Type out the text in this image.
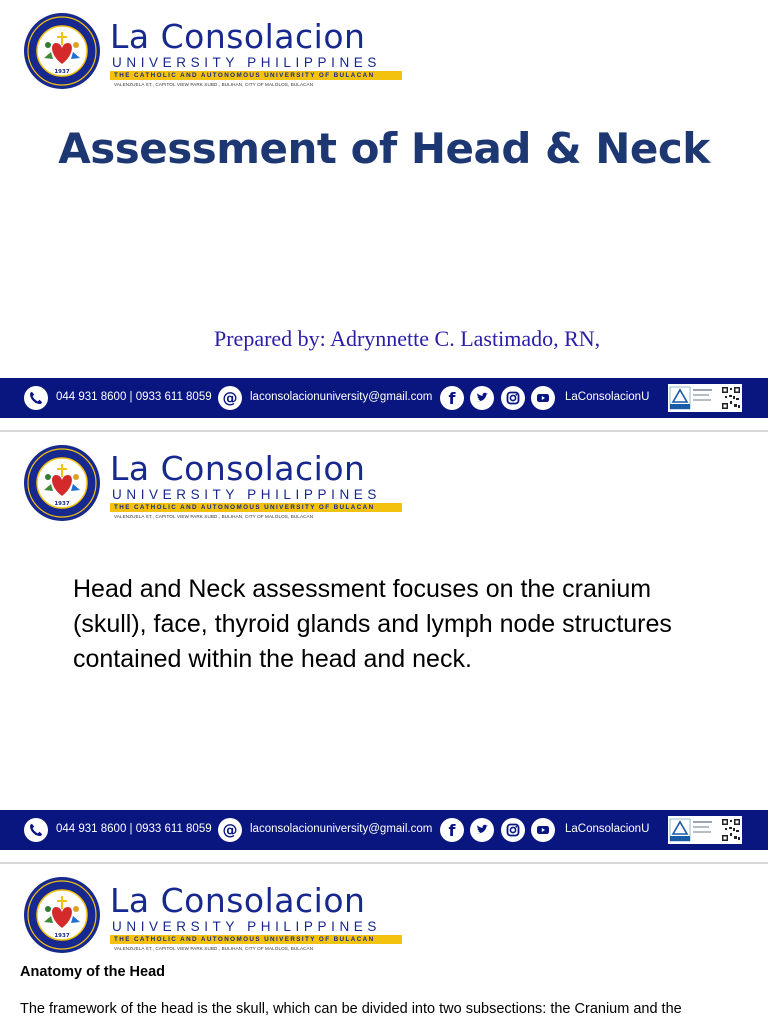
1937
La Consolacion
UNIVERSITY PHILIPPINES
THE CATHOLIC AND AUTONOMOUS UNIVERSITY OF BULACAN
VALENZUELA ST., CAPITOL VIEW PARK SUBD., BULIHAN, CITY OF MALOLOS, BULACAN
Assessment of Head & Neck
Prepared by: Adrynnette C. Lastimado, RN,
044 931 8600 | 0933 611 8059 @ laconsolacionuniversity@gmail.com f	LaConsolacionU
1937
La Consolacion
UNIVERSITY PHILIPPINES
THE CATHOLIC AND AUTONOMOUS UNIVERSITY OF BULACAN
VALENZUELA ST., CAPITOL VIEW PARK SUBD., BULIHAN, CITY OF MALOLOS, BULACAN
Head and Neck assessment focuses on the cranium (skull), face, thyroid glands and lymph node structures contained within the head and neck.
044 931 8600 | 0933 611 8059 @ laconsolacionuniversity@gmail.com f	LaConsolacionU
1937
La Consolacion
UNIVERSITY PHILIPPINES
THE CATHOLIC AND AUTONOMOUS UNIVERSITY OF BULACAN
VALENZUELA ST., CAPITOL VIEW PARK SUBD., BULIHAN, CITY OF MALOLOS, BULACAN
Anatomy of the Head
The framework of the head is the skull, which can be divided into two subsections: the Cranium and the
